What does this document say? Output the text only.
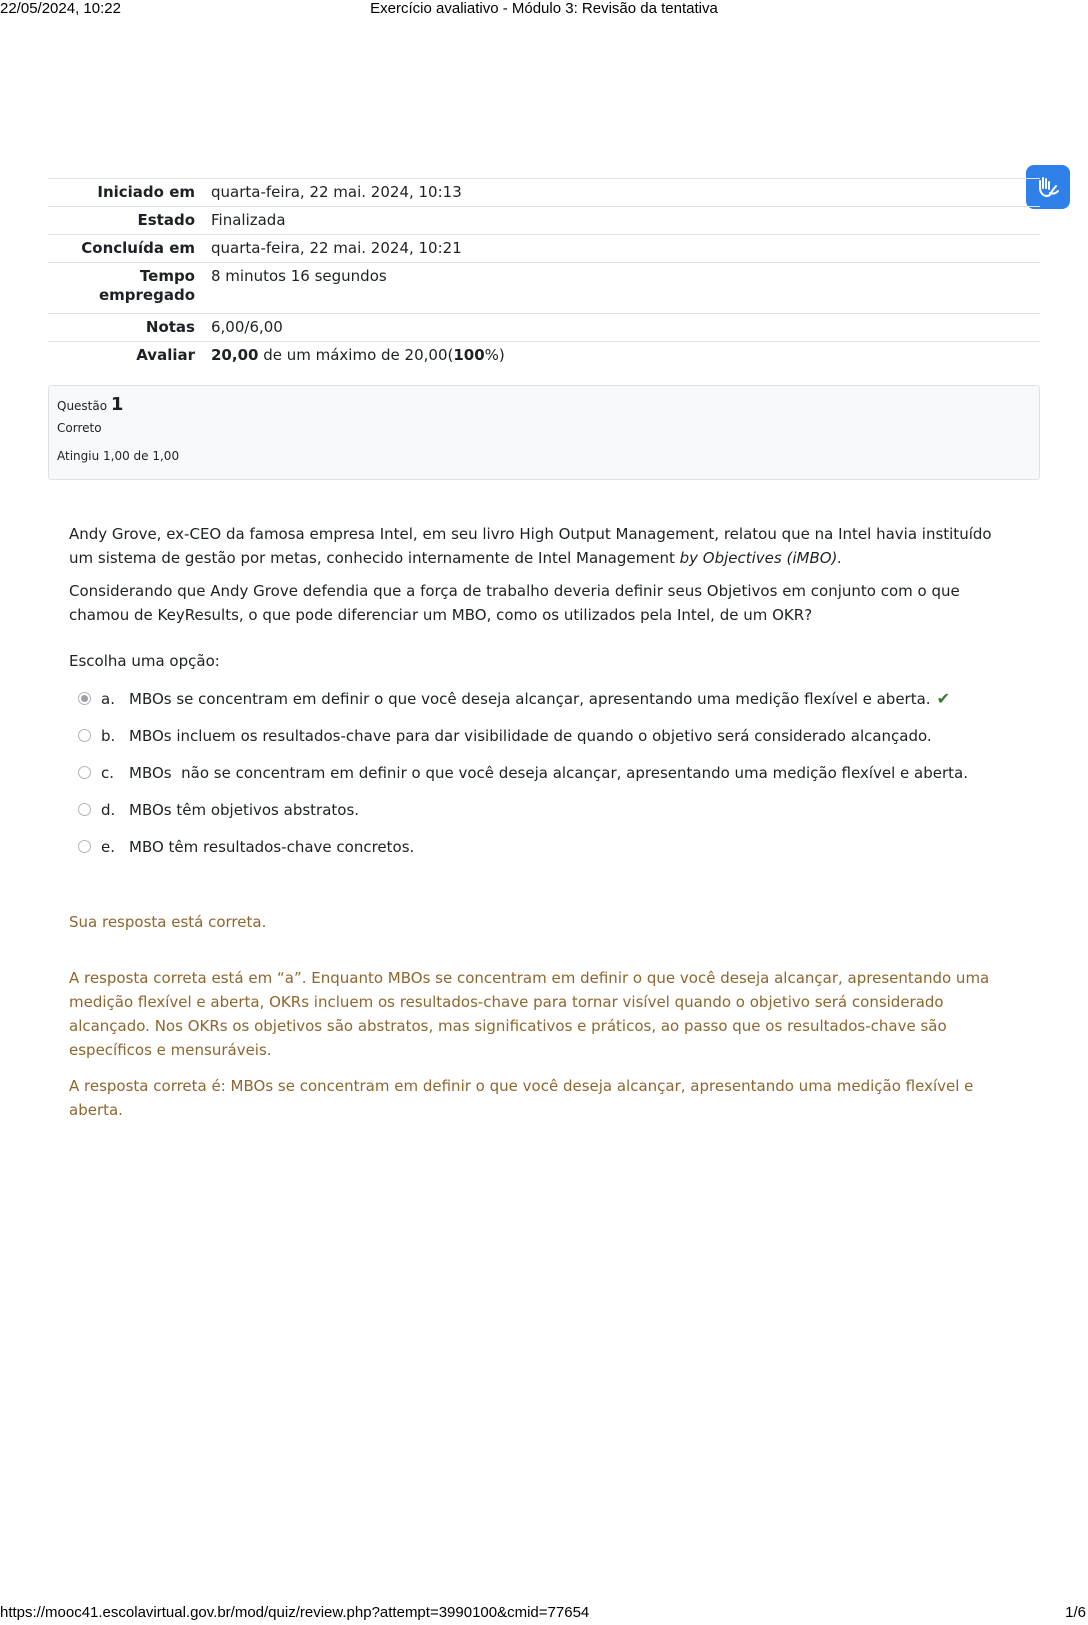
22/05/2024, 10:22	Exercício avaliativo - Módulo 3: Revisão da tentativa
Iniciado em	quarta-feira, 22 mai. 2024, 10:13
Estado	Finalizada
Concluída em	quarta-feira, 22 mai. 2024, 10:21
Tempo empregado	8 minutos 16 segundos
Notas	6,00/6,00
Avaliar	20,00 de um máximo de 20,00(100%)
Questão 1
Correto
Atingiu 1,00 de 1,00

Andy Grove, ex-CEO da famosa empresa Intel, em seu livro High Output Management, relatou que na Intel havia instituído um sistema de gestão por metas, conhecido internamente de Intel Management by Objectives (iMBO).

Considerando que Andy Grove defendia que a força de trabalho deveria definir seus Objetivos em conjunto com o que chamou de KeyResults, o que pode diferenciar um MBO, como os utilizados pela Intel, de um OKR?

Escolha uma opção:
a. MBOs se concentram em definir o que você deseja alcançar, apresentando uma medição flexível e aberta. ✔
b. MBOs incluem os resultados-chave para dar visibilidade de quando o objetivo será considerado alcançado.
c. MBOs  não se concentram em definir o que você deseja alcançar, apresentando uma medição flexível e aberta.
d. MBOs têm objetivos abstratos.
e. MBO têm resultados-chave concretos.
Sua resposta está correta.
A resposta correta está em “a”. Enquanto MBOs se concentram em definir o que você deseja alcançar, apresentando uma medição flexível e aberta, OKRs incluem os resultados-chave para tornar visível quando o objetivo será considerado alcançado. Nos OKRs os objetivos são abstratos, mas significativos e práticos, ao passo que os resultados-chave são específicos e mensuráveis.
A resposta correta é: MBOs se concentram em definir o que você deseja alcançar, apresentando uma medição flexível e aberta.
https://mooc41.escolavirtual.gov.br/mod/quiz/review.php?attempt=3990100&cmid=77654	1/6
